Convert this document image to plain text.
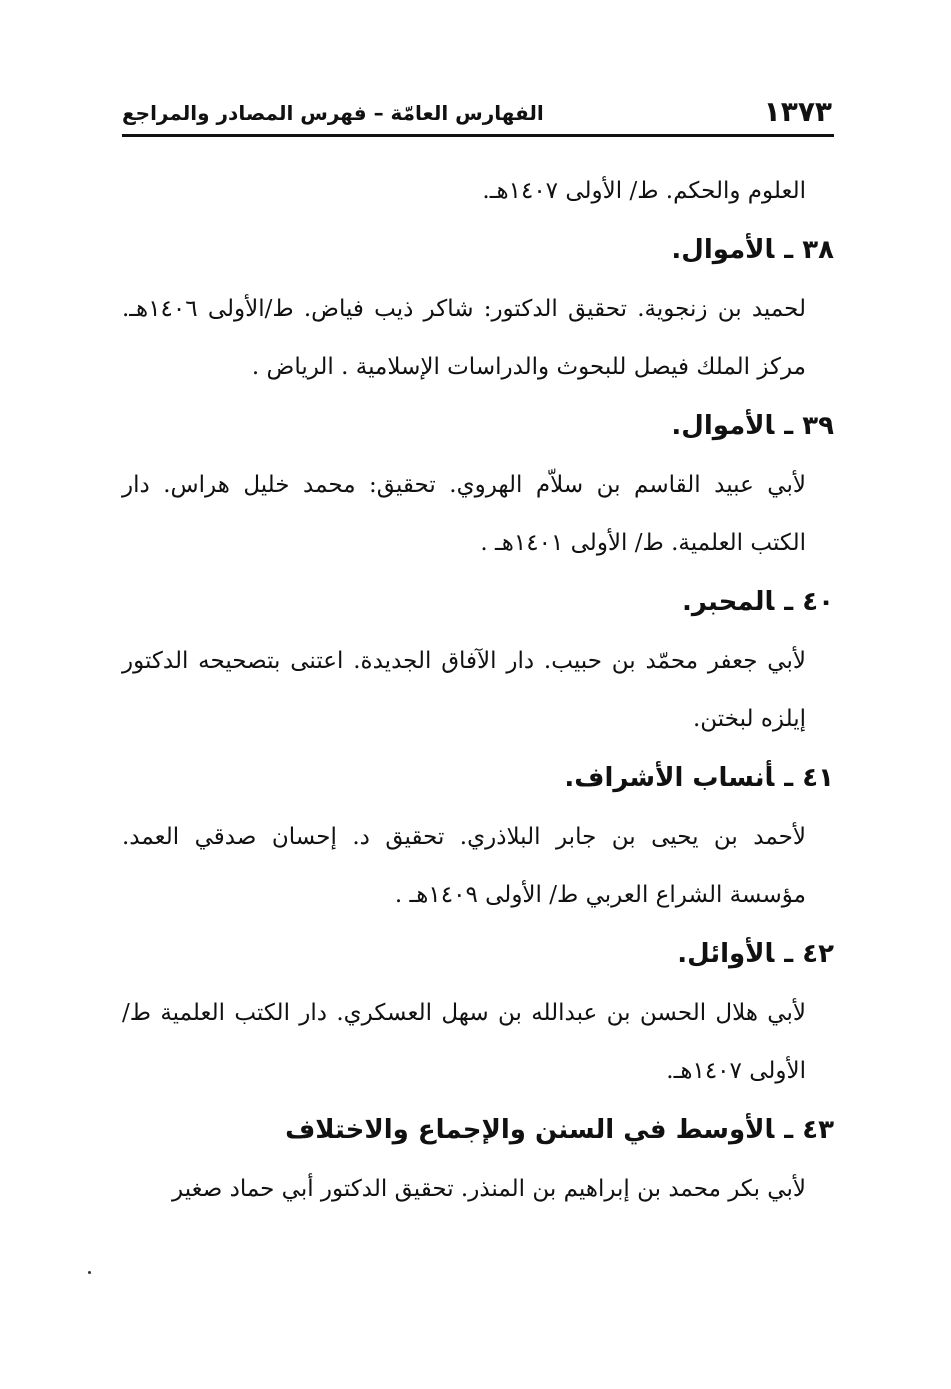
١٣٧٣
الفهارس العامّة – فهرس المصادر والمراجع

العلوم والحكم. ط/ الأولى ١٤٠٧هـ.

٣٨ ـالأموال.

لحميد بن زنجوية. تحقيق الدكتور: شاكر ذيب فياض. ط/الأولى ١٤٠٦هـ. مركز الملك فيصل للبحوث والدراسات الإسلامية . الرياض .

٣٩ ـالأموال.

لأبي عبيد القاسم بن سلاّم الهروي. تحقيق: محمد خليل هراس. دار الكتب العلمية. ط/ الأولى ١٤٠١هـ .

٤٠ ـالمحبر.

لأبي جعفر محمّد بن حبيب. دار الآفاق الجديدة. اعتنى بتصحيحه الدكتور إيلزه لبختن.

٤١ ـأنساب الأشراف.

لأحمد بن يحيى بن جابر البلاذري. تحقيق د. إحسان صدقي العمد. مؤسسة الشراع العربي ط/ الأولى ١٤٠٩هـ .

٤٢ ـالأوائل.

لأبي هلال الحسن بن عبدالله بن سهل العسكري. دار الكتب العلمية ط/ الأولى ١٤٠٧هـ.

٤٣ ـالأوسط في السنن والإجماع والاختلاف

لأبي بكر محمد بن إبراهيم بن المنذر. تحقيق الدكتور أبي حماد صغير
